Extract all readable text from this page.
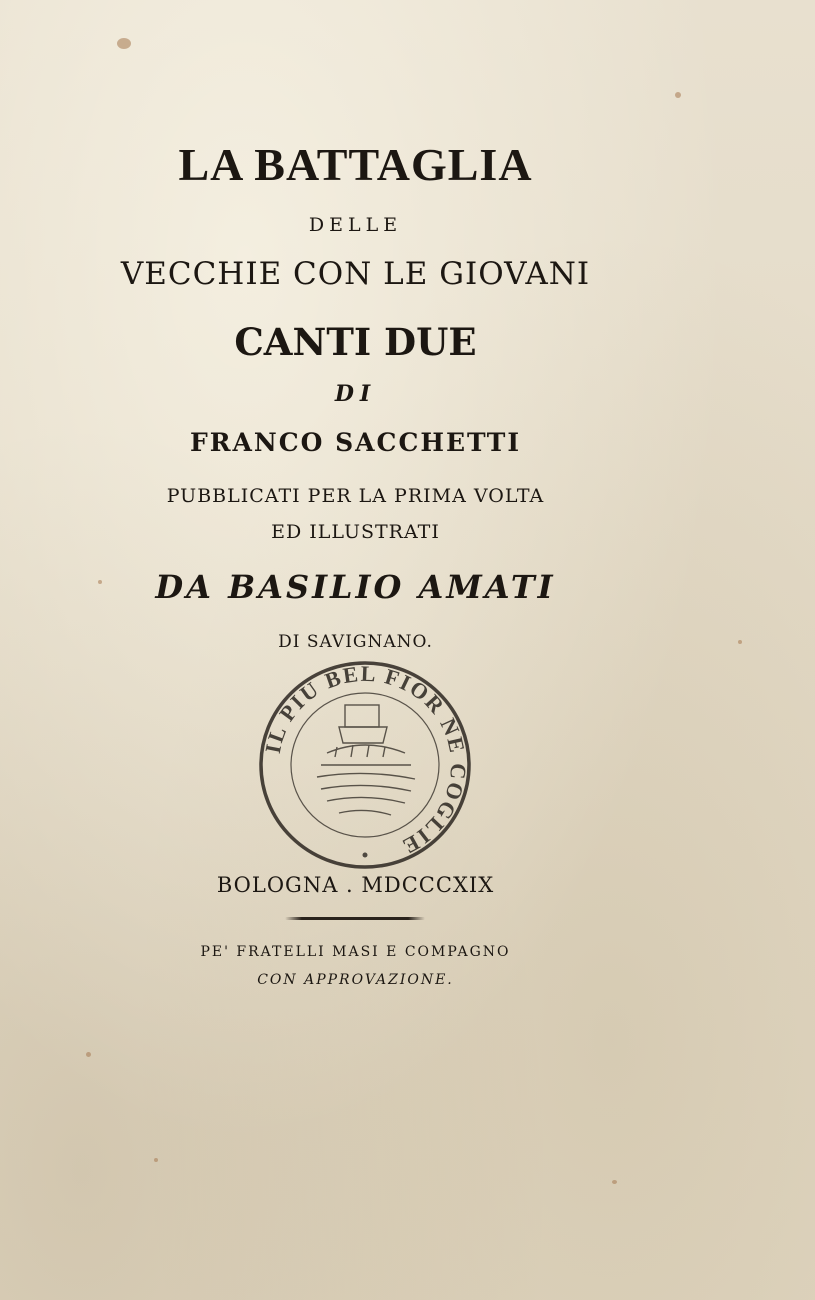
LA BATTAGLIA

DELLE

VECCHIE CON LE GIOVANI

CANTI DUE

DI

FRANCO SACCHETTI

PUBBLICATI PER LA PRIMA VOLTA

ED ILLUSTRATI

DA BASILIO AMATI

DI SAVIGNANO.

IL PIU BEL FIOR NE COGLIE

BOLOGNA . MDCCCXIX

PE' FRATELLI MASI E COMPAGNO

CON APPROVAZIONE.
